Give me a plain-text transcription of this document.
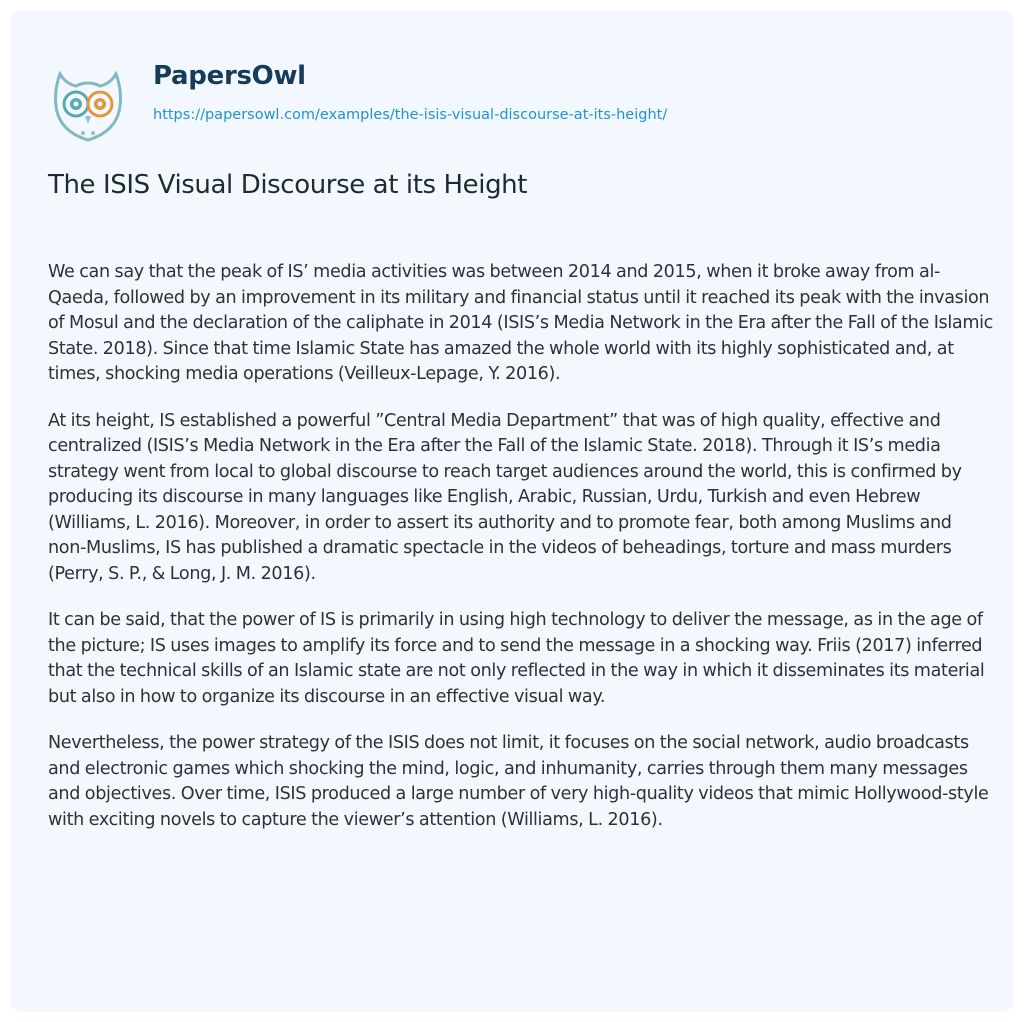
PapersOwl
https://papersowl.com/examples/the-isis-visual-discourse-at-its-height/
The ISIS Visual Discourse at its Height

We can say that the peak of IS’ media activities was between 2014 and 2015, when it broke away from al-Qaeda, followed by an improvement in its military and financial status until it reached its peak with the invasion of Mosul and the declaration of the caliphate in 2014 (ISIS’s Media Network in the Era after the Fall of the Islamic State. 2018). Since that time Islamic State has amazed the whole world with its highly sophisticated and, at times, shocking media operations (Veilleux-Lepage, Y. 2016).

At its height, IS established a powerful ”Central Media Department” that was of high quality, effective and centralized (ISIS’s Media Network in the Era after the Fall of the Islamic State. 2018). Through it IS’s media strategy went from local to global discourse to reach target audiences around the world, this is confirmed by producing its discourse in many languages like English, Arabic, Russian, Urdu, Turkish and even Hebrew (Williams, L. 2016). Moreover, in order to assert its authority and to promote fear, both among Muslims and non-Muslims, IS has published a dramatic spectacle in the videos of beheadings, torture and mass murders (Perry, S. P., & Long, J. M. 2016).

It can be said, that the power of IS is primarily in using high technology to deliver the message, as in the age of the picture; IS uses images to amplify its force and to send the message in a shocking way. Friis (2017) inferred that the technical skills of an Islamic state are not only reflected in the way in which it disseminates its material but also in how to organize its discourse in an effective visual way.

Nevertheless, the power strategy of the ISIS does not limit, it focuses on the social network, audio broadcasts and electronic games which shocking the mind, logic, and inhumanity, carries through them many messages and objectives. Over time, ISIS produced a large number of very high-quality videos that mimic Hollywood-style with exciting novels to capture the viewer’s attention (Williams, L. 2016).
